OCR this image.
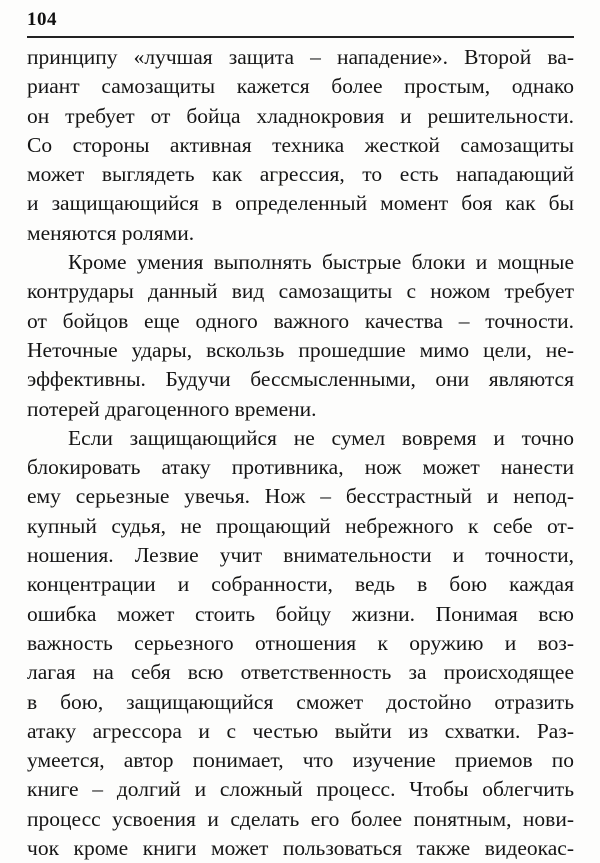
104
принципу «лучшая защита – нападение». Второй ва-
риант самозащиты кажется более простым, однако
он требует от бойца хладнокровия и решительности.
Со стороны активная техника жесткой самозащиты
может выглядеть как агрессия, то есть нападающий
и защищающийся в определенный момент боя как бы
меняются ролями.
Кроме умения выполнять быстрые блоки и мощные
контрудары данный вид самозащиты с ножом требует
от бойцов еще одного важного качества – точности.
Неточные удары, вскользь прошедшие мимо цели, не-
эффективны. Будучи бессмысленными, они являются
потерей драгоценного времени.
Если защищающийся не сумел вовремя и точно
блокировать атаку противника, нож может нанести
ему серьезные увечья. Нож – бесстрастный и непод-
купный судья, не прощающий небрежного к себе от-
ношения. Лезвие учит внимательности и точности,
концентрации и собранности, ведь в бою каждая
ошибка может стоить бойцу жизни. Понимая всю
важность серьезного отношения к оружию и воз-
лагая на себя всю ответственность за происходящее
в бою, защищающийся сможет достойно отразить
атаку агрессора и с честью выйти из схватки. Раз-
умеется, автор понимает, что изучение приемов по
книге – долгий и сложный процесс. Чтобы облегчить
процесс усвоения и сделать его более понятным, нови-
чок кроме книги может пользоваться также видеокас-
